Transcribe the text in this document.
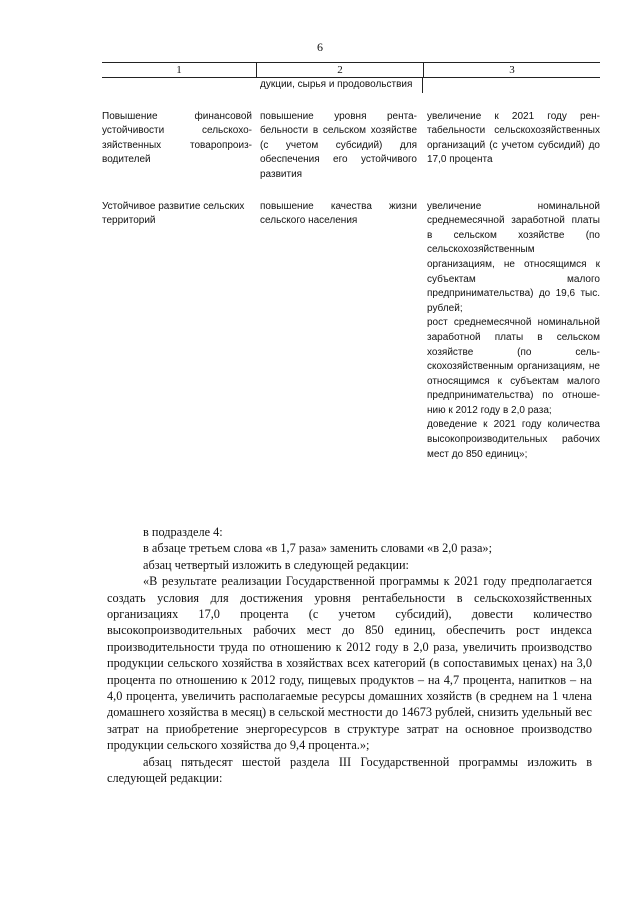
6
1	2	3

дукции, сырья и продовольствия

Повышение финансовой устойчивости сельскохозяйственных товаропроизводителей

повышение уровня рентабельности в сельском хозяйстве (с учетом субсидий) для обеспечения его устойчивого развития

увеличение к 2021 году рентабельности сельскохозяйственных организаций (с учетом субсидий) до 17,0 процента

Устойчивое развитие сельских территорий

повышение качества жизни сельского населения

увеличение номинальной среднемесячной заработной платы в сельском хозяйстве (по сельскохозяйственным организациям, не относящимся к субъектам малого предпринимательства) до 19,6 тыс. рублей;

рост среднемесячной номинальной заработной платы в сельском хозяйстве (по сельскохозяйственным организациям, не относящимся к субъектам малого предпринимательства) по отношению к 2012 году в 2,0 раза;

доведение к 2021 году количества высокопроизводительных рабочих мест до 850 единиц»;

в подразделе 4:

в абзаце третьем слова «в 1,7 раза» заменить словами «в 2,0 раза»;

абзац четвертый изложить в следующей редакции:

«В результате реализации Государственной программы к 2021 году предполагается создать условия для достижения уровня рентабельности в сельскохозяйственных организациях 17,0 процента (с учетом субсидий), довести количество высокопроизводительных рабочих мест до 850 единиц, обеспечить рост индекса производительности труда по отношению к 2012 году в 2,0 раза, увеличить производство продукции сельского хозяйства в хозяйствах всех категорий (в сопоставимых ценах) на 3,0 процента по отношению к 2012 году, пищевых продуктов – на 4,7 процента, напитков – на 4,0 процента, увеличить располагаемые ресурсы домашних хозяйств (в среднем на 1 члена домашнего хозяйства в месяц) в сельской местности до 14673 рублей, снизить удельный вес затрат на приобретение энергоресурсов в структуре затрат на основное производство продукции сельского хозяйства до 9,4 процента.»;

абзац пятьдесят шестой раздела III Государственной программы изложить в следующей редакции:
